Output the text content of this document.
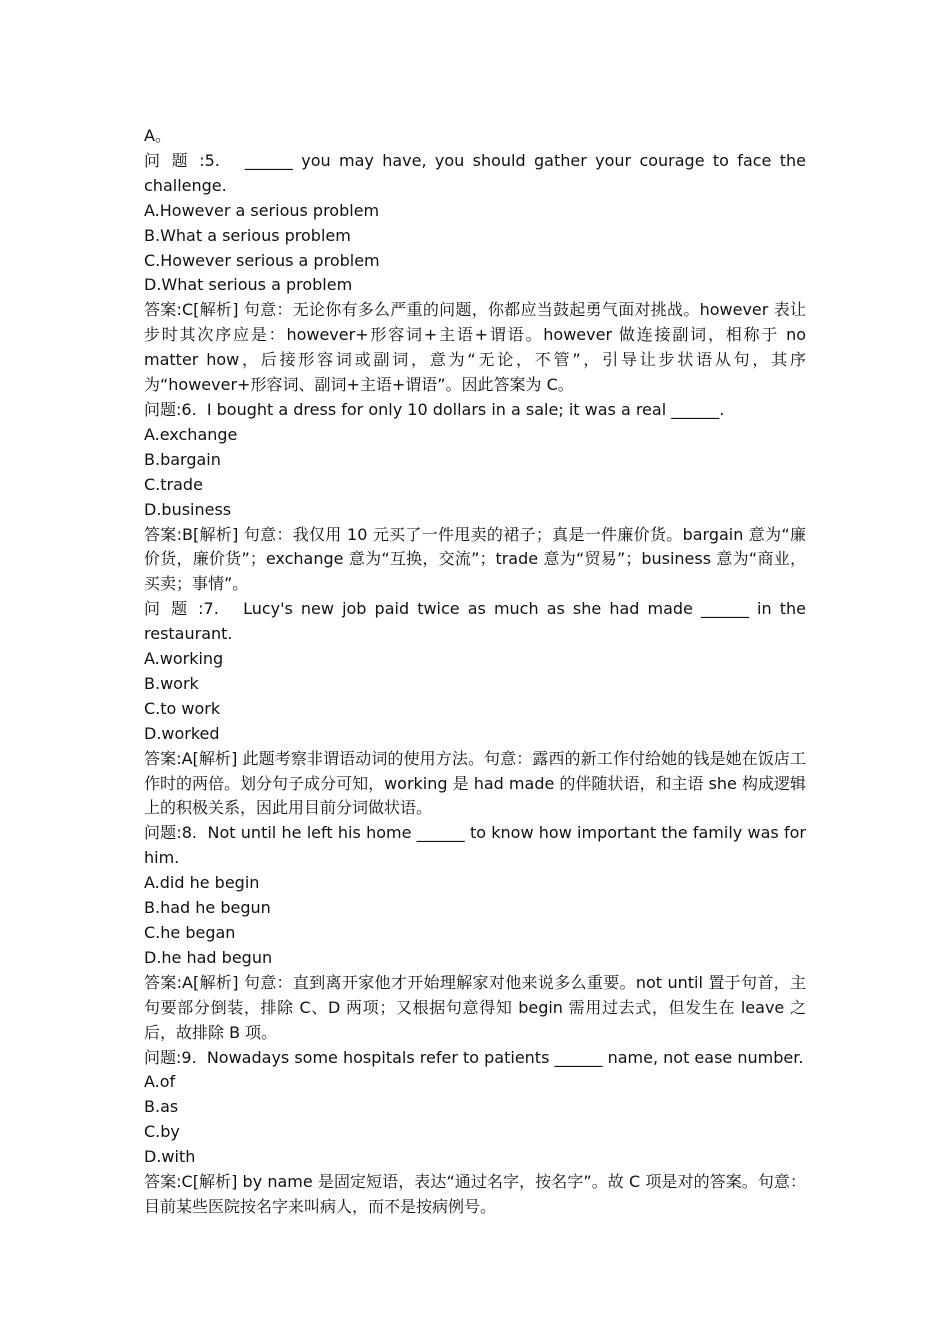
A。
问 题 :5.   ______ you may have, you should gather your courage to face the challenge.
A.However a serious problem
B.What a serious problem
C.However serious a problem
D.What serious a problem
答案:C[解析] 句意：无论你有多么严重的问题，你都应当鼓起勇气面对挑战。however 表让步时其次序应是：however+形容词+主语+谓语。however 做连接副词，相称于 no matter how，后接形容词或副词，意为“无论，不管”，引导让步状语从句，其序为“however+形容词、副词+主语+谓语”。因此答案为 C。
问题:6.  I bought a dress for only 10 dollars in a sale; it was a real ______.
A.exchange
B.bargain
C.trade
D.business
答案:B[解析] 句意：我仅用 10 元买了一件甩卖的裙子；真是一件廉价货。bargain 意为“廉价货，廉价货”；exchange 意为“互换，交流”；trade 意为“贸易”；business 意为“商业，买卖；事情”。
问 题 :7.   Lucy's new job paid twice as much as she had made ______ in the restaurant.
A.working
B.work
C.to work
D.worked
答案:A[解析] 此题考察非谓语动词的使用方法。句意：露西的新工作付给她的钱是她在饭店工作时的两倍。划分句子成分可知，working 是 had made 的伴随状语，和主语 she 构成逻辑上的积极关系，因此用目前分词做状语。
问题:8.  Not until he left his home ______ to know how important the family was for him.
A.did he begin
B.had he begun
C.he began
D.he had begun
答案:A[解析] 句意：直到离开家他才开始理解家对他来说多么重要。not until 置于句首，主句要部分倒装，排除 C、D 两项；又根据句意得知 begin 需用过去式，但发生在 leave 之后，故排除 B 项。
问题:9.  Nowadays some hospitals refer to patients ______ name, not ease number.
A.of
B.as
C.by
D.with
答案:C[解析] by name 是固定短语，表达“通过名字，按名字”。故 C 项是对的答案。句意：目前某些医院按名字来叫病人，而不是按病例号。
